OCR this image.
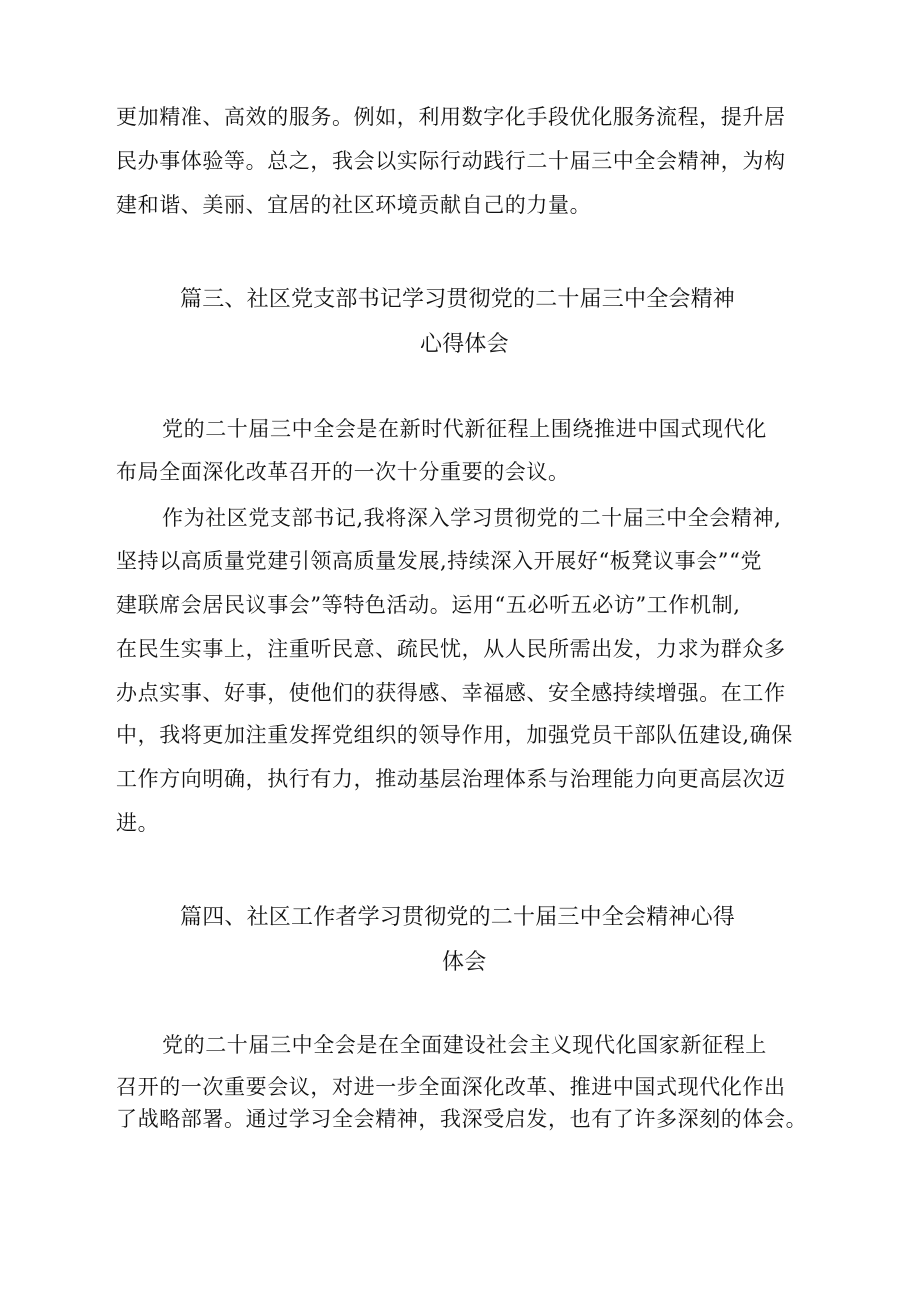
更加精准、高效的服务。例如，利用数字化手段优化服务流程，提升居
民办事体验等。总之，我会以实际行动践行二十届三中全会精神，为构
建和谐、美丽、宜居的社区环境贡献自己的力量。
篇三、社区党支部书记学习贯彻党的二十届三中全会精神
心得体会
党的二十届三中全会是在新时代新征程上围绕推进中国式现代化
布局全面深化改革召开的一次十分重要的会议。
作为社区党支部书记,我将深入学习贯彻党的二十届三中全会精神,
坚持以高质量党建引领高质量发展,持续深入开展好“板凳议事会”“党
建联席会居民议事会”等特色活动。运用“五必听五必访”工作机制,
在民生实事上，注重听民意、疏民忧，从人民所需出发，力求为群众多
办点实事、好事，使他们的获得感、幸福感、安全感持续增强。在工作
中，我将更加注重发挥党组织的领导作用，加强党员干部队伍建设,确保
工作方向明确，执行有力，推动基层治理体系与治理能力向更高层次迈
进。
篇四、社区工作者学习贯彻党的二十届三中全会精神心得
体会
党的二十届三中全会是在全面建设社会主义现代化国家新征程上
召开的一次重要会议，对进一步全面深化改革、推进中国式现代化作出
了战略部署。通过学习全会精神，我深受启发，也有了许多深刻的体会。
